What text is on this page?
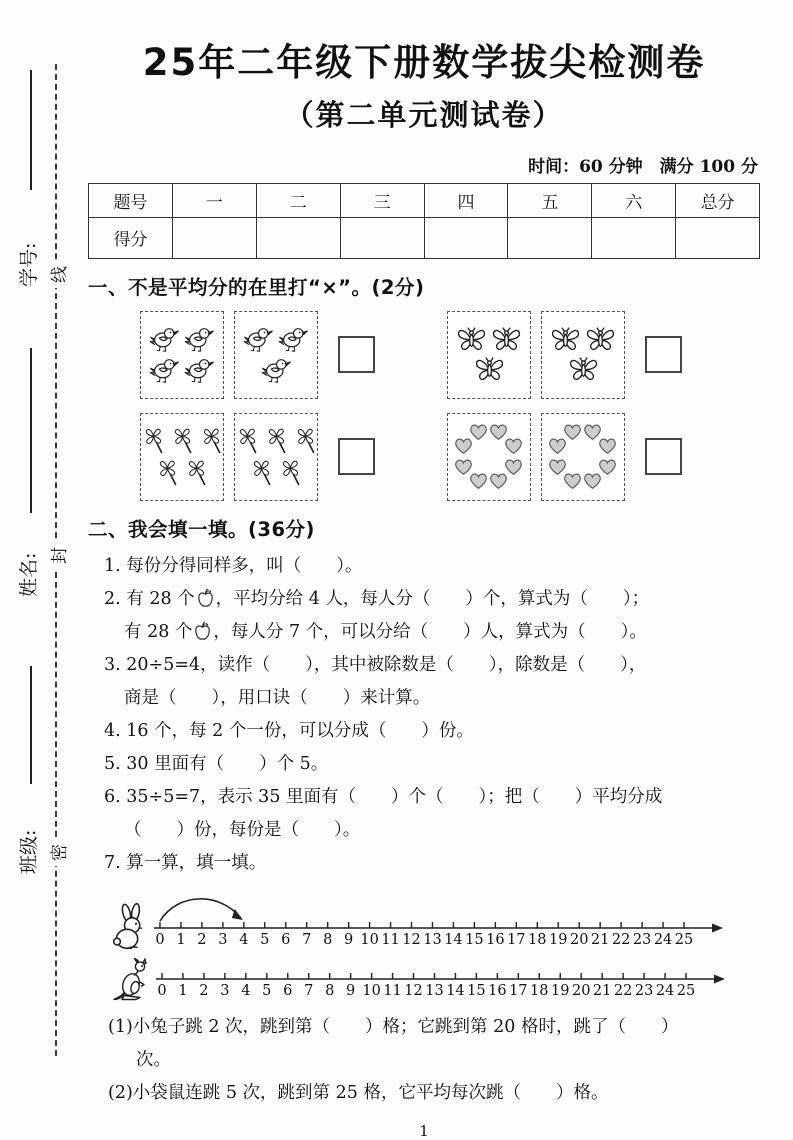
学号:
姓名:
班级:
线
封
密
25年二年级下册数学拔尖检测卷
（第二单元测试卷）
时间：60 分钟　满分 100 分
题号	一	二	三	四	五	六	总分
得分							
一、不是平均分的在里打“×”。(2分)
二、我会填一填。(36分)

1. 每份分得同样多，叫（　　）。

2. 有 28 个 ，平均分给 4 人，每人分（　　）个，算式为（　　）；

有 28 个 ，每人分 7 个，可以分给（　　）人，算式为（　　）。

3. 20÷5=4，读作（　　），其中被除数是（　　），除数是（　　），

商是（　　），用口诀（　　）来计算。

4. 16 个，每 2 个一份，可以分成（　　）份。

5. 30 里面有（　　）个 5。

6. 35÷5=7，表示 35 里面有（　　）个（　　）；把（　　）平均分成

（　　）份，每份是（　　）。

7. 算一算，填一填。

0 1 2 3 4 5 6 7 8 9 10 11 12 13 14 15 16 17 18 19 20 21 22 23 24 25
0 1 2 3 4 5 6 7 8 9 10 11 12 13 14 15 16 17 18 19 20 21 22 23 24 25

(1)小兔子跳 2 次，跳到第（　　）格；它跳到第 20 格时，跳了（　　）

次。

(2)小袋鼠连跳 5 次，跳到第 25 格，它平均每次跳（　　）格。

1
